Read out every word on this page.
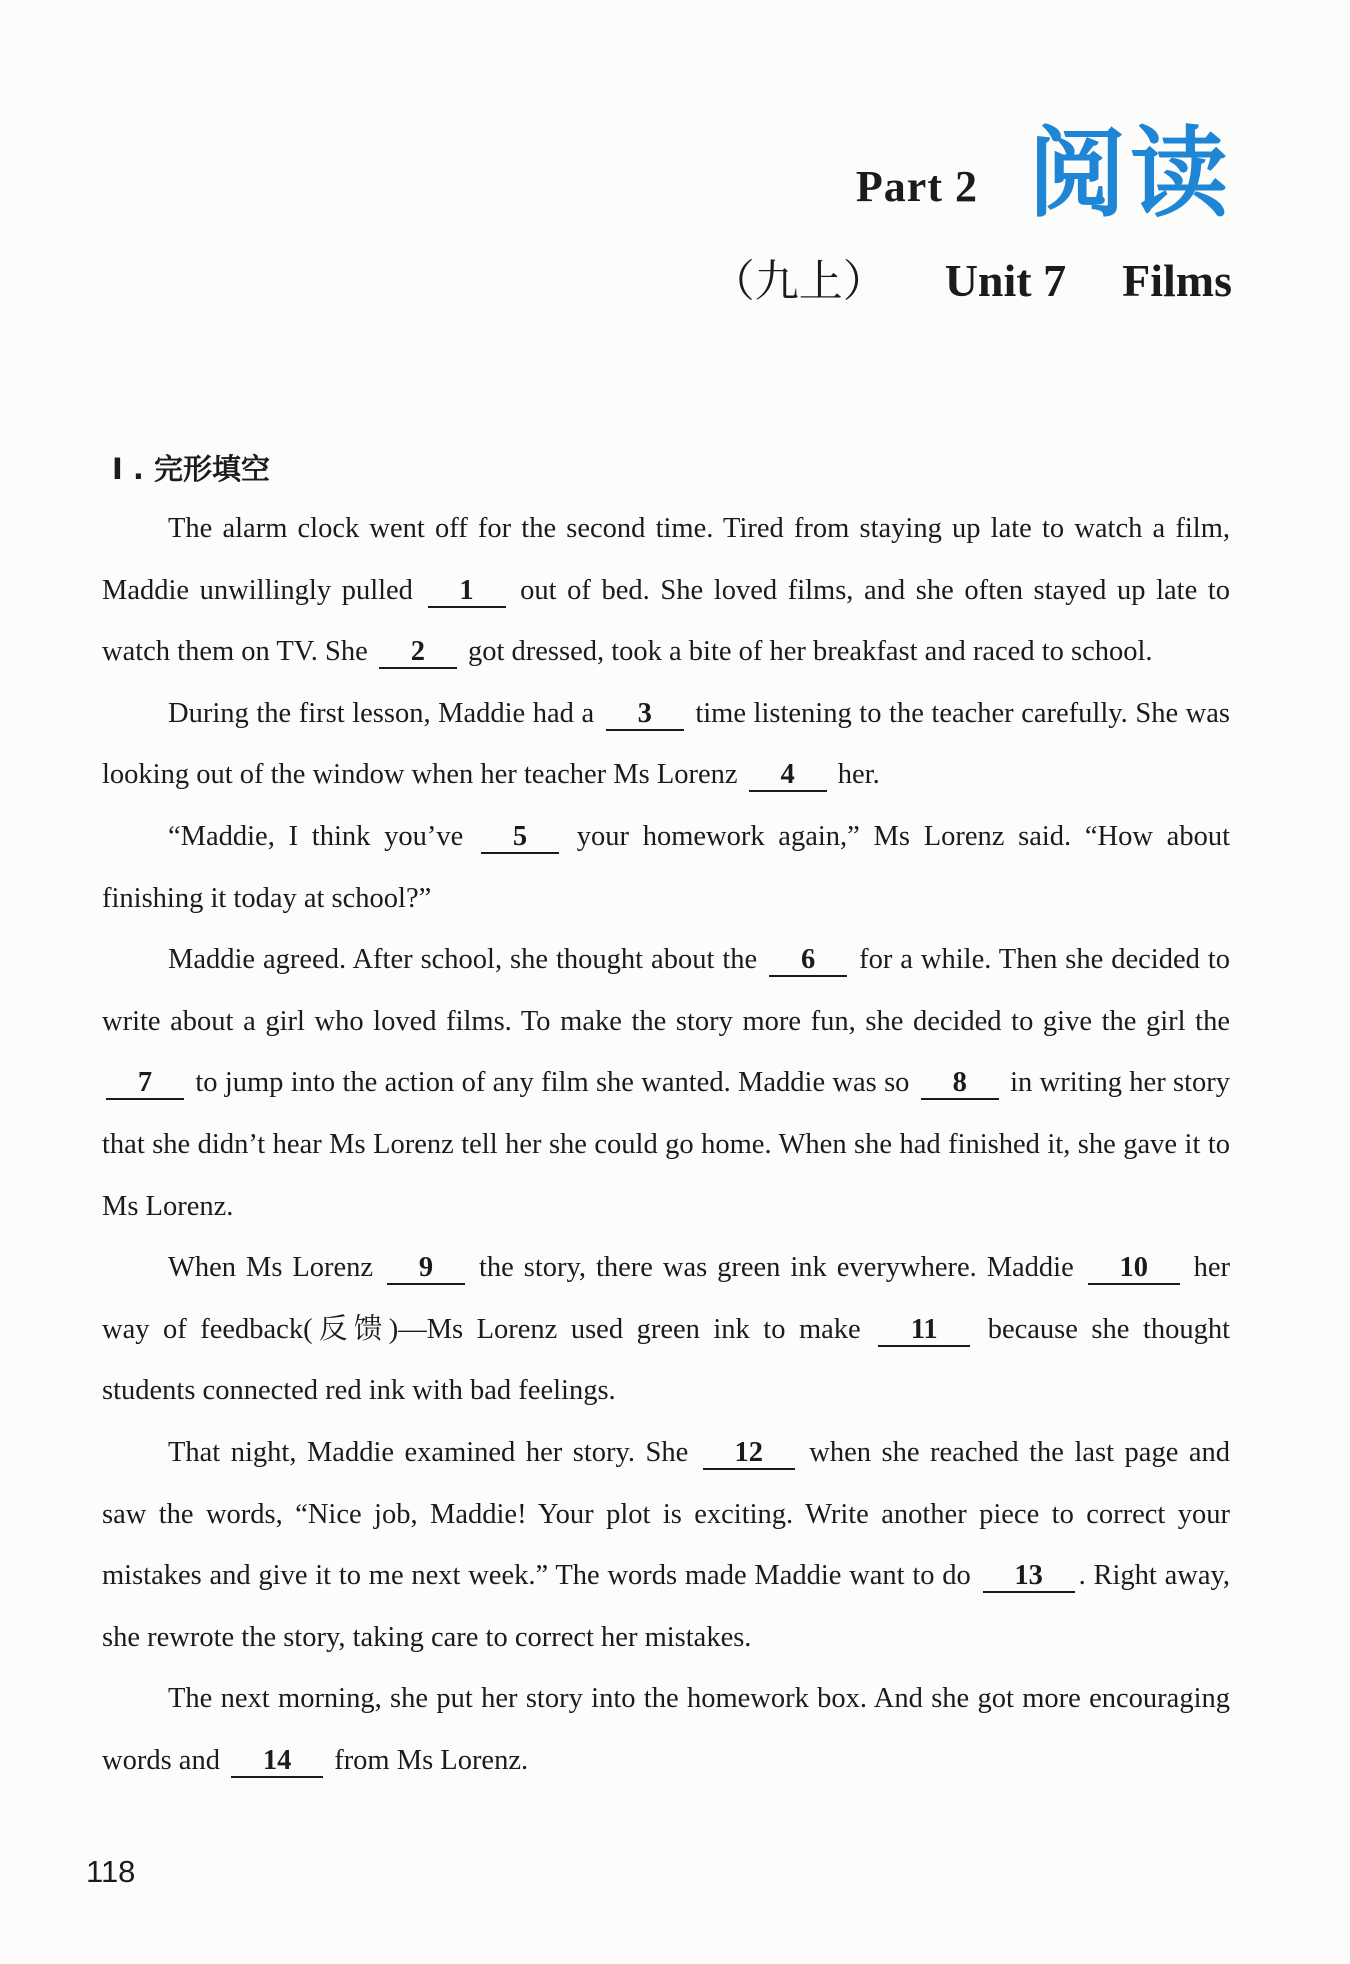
Part 2 阅读
（九上） Unit 7 Films
I . 完形填空

The alarm clock went off for the second time. Tired from staying up late to watch a film, Maddie unwillingly pulled 1 out of bed. She loved films, and she often stayed up late to watch them on TV. She 2 got dressed, took a bite of her breakfast and raced to school.

During the first lesson, Maddie had a 3 time listening to the teacher carefully. She was looking out of the window when her teacher Ms Lorenz 4 her.

“Maddie, I think you’ve 5 your homework again,” Ms Lorenz said. “How about finishing it today at school?”

Maddie agreed. After school, she thought about the 6 for a while. Then she decided to write about a girl who loved films. To make the story more fun, she decided to give the girl the 7 to jump into the action of any film she wanted. Maddie was so 8 in writing her story that she didn’t hear Ms Lorenz tell her she could go home. When she had finished it, she gave it to Ms Lorenz.

When Ms Lorenz 9 the story, there was green ink everywhere. Maddie 10 her way of feedback(反馈)—Ms Lorenz used green ink to make 11 because she thought students connected red ink with bad feelings.

That night, Maddie examined her story. She 12 when she reached the last page and saw the words, “Nice job, Maddie! Your plot is exciting. Write another piece to correct your mistakes and give it to me next week.” The words made Maddie want to do 13 . Right away, she rewrote the story, taking care to correct her mistakes.

The next morning, she put her story into the homework box. And she got more encouraging words and 14 from Ms Lorenz.

118
